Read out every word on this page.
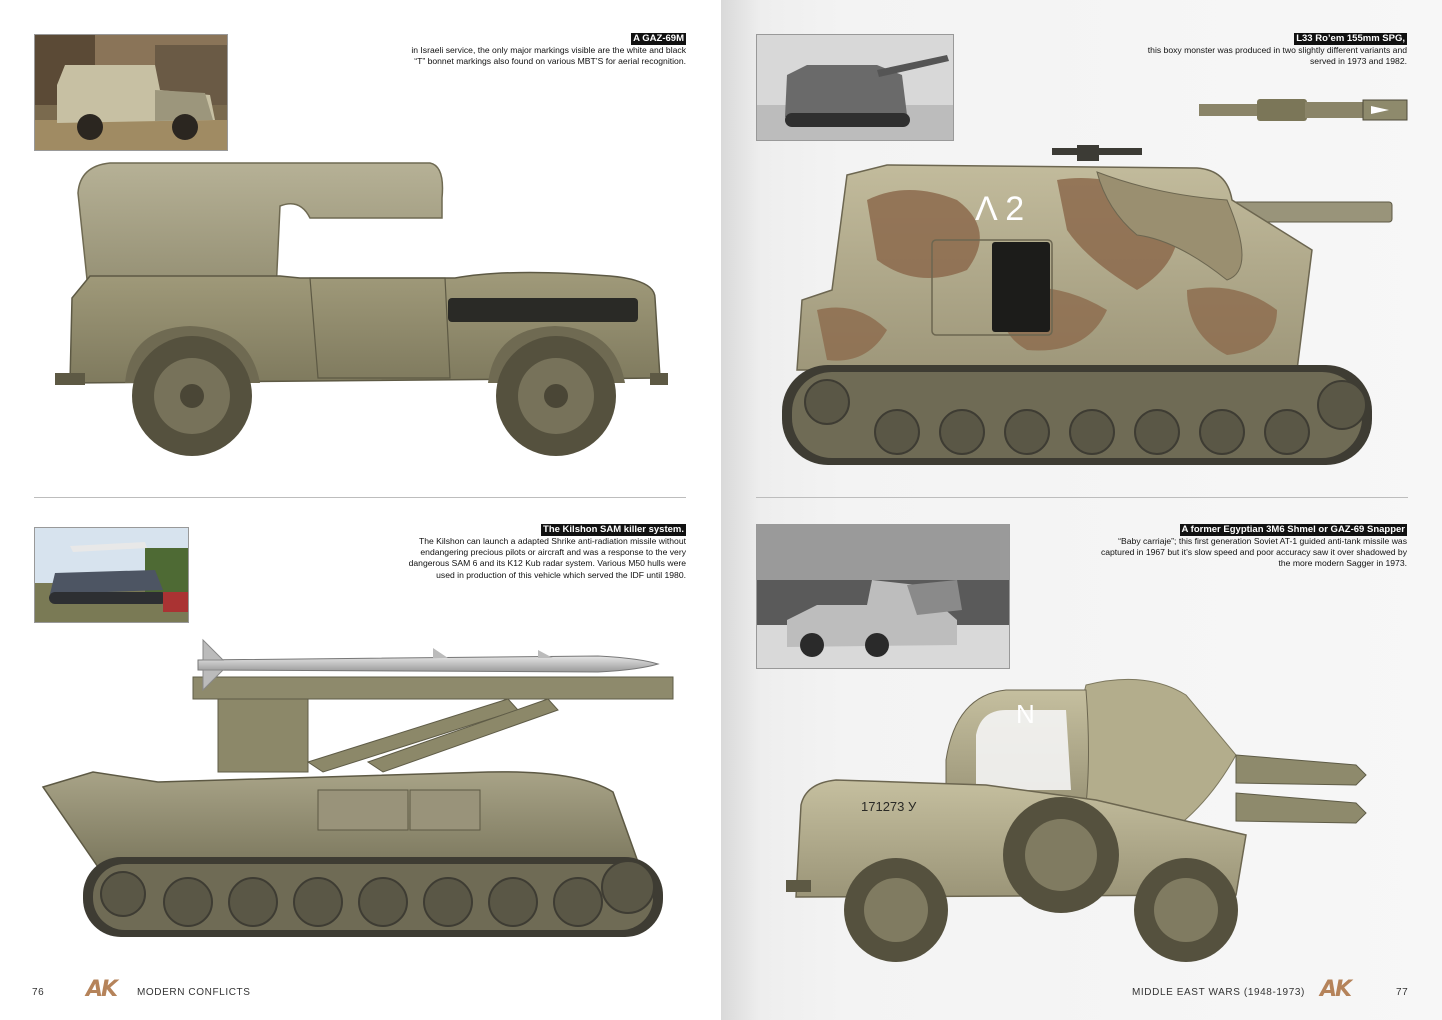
A GAZ-69M
in Israeli service, the only major markings visible are the white and black
“T” bonnet markings also found on various MBT’S for aerial recognition.
The Kilshon SAM killer system.
The Kilshon can launch a adapted Shrike anti-radiation missile without
endangering precious pilots or aircraft and was a response to the very
dangerous SAM 6 and its K12 Kub radar system. Various M50 hulls were
used in production of this vehicle which served the IDF until 1980.
76 AK MODERN CONFLICTS
L33 Ro’em 155mm SPG,
this boxy monster was produced in two slightly different variants and
served in 1973 and 1982.
Λ 2
A former Egyptian 3M6 Shmel or GAZ-69 Snapper
“Baby carriaje”; this first generation Soviet AT-1 guided anti-tank missile was
captured in 1967 but it’s slow speed and poor accuracy saw it over shadowed by
the more modern Sagger in 1973.
N
171273 У
MIDDLE EAST WARS (1948-1973) AK	77
